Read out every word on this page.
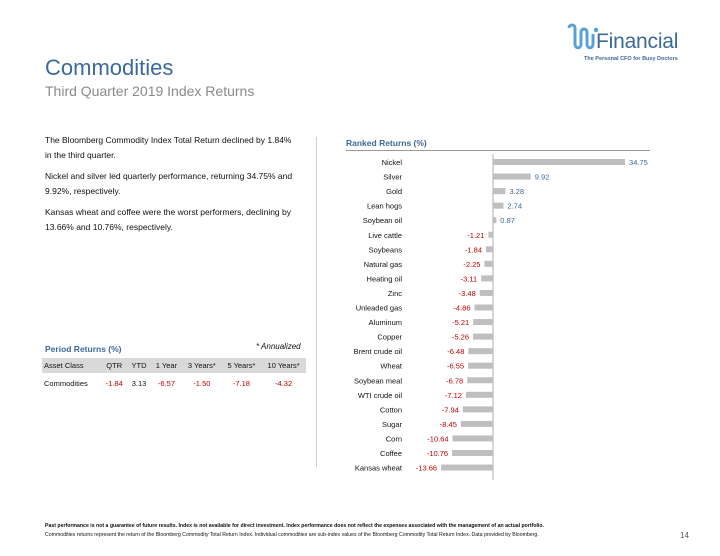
Commodities
Third Quarter 2019 Index Returns
Financial
The Personal CFO for Busy Doctors

The Bloomberg Commodity Index Total Return declined by 1.84% in the third quarter.

Nickel and silver led quarterly performance, returning 34.75% and 9.92%, respectively.

Kansas wheat and coffee were the worst performers, declining by 13.66% and 10.76%, respectively.

Period Returns (%)	* Annualized
Asset Class	QTR	YTD	1 Year	3 Years*	5 Years*	10 Years*
Commodities	-1.84	3.13	-6.57	-1.50	-7.18	-4.32
Ranked Returns (%)
Nickel	34.75
Silver	9.92
Gold	3.28
Lean hogs	2.74
Soybean oil	0.87
Live cattle	-1.21
Soybeans	-1.84
Natural gas	-2.25
Heating oil	-3.11
Zinc	-3.48
Unleaded gas	-4.86
Aluminum	-5.21
Copper	-5.26
Brent crude oil	-6.48
Wheat	-6.55
Soybean meal	-6.78
WTI crude oil	-7.12
Cotton	-7.94
Sugar	-8.45
Corn	-10.64
Coffee	-10.76
Kansas wheat -13.66
Past performance is not a guarantee of future results. Index is not available for direct investment. Index performance does not reflect the expenses associated with the management of an actual portfolio.
Commodities returns represent the return of the Bloomberg Commodity Total Return Index. Individual commodities are sub-index values of the Bloomberg Commodity Total Return Index. Data provided by Bloomberg.	14
